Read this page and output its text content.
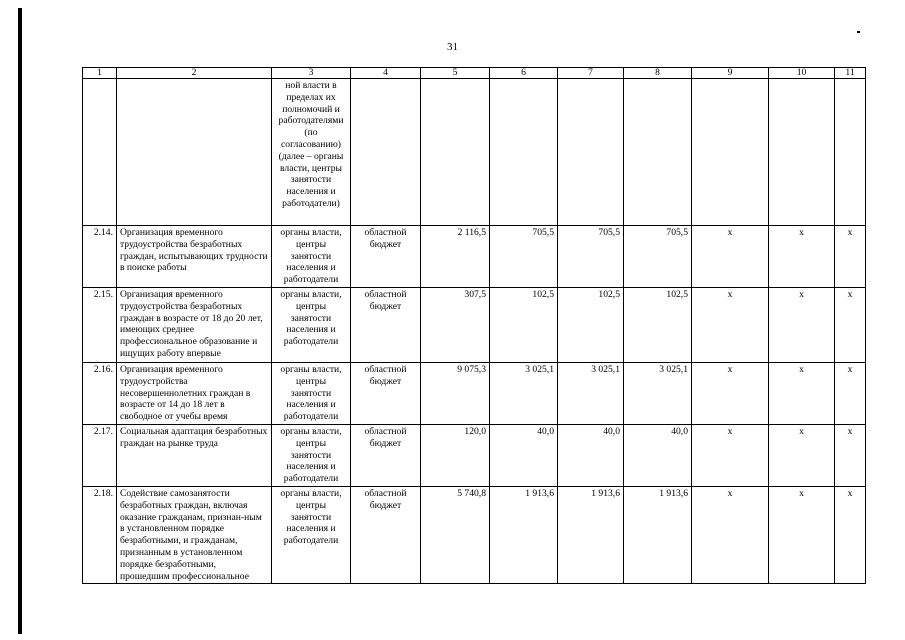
31
1	2	3	4	5	6	7	8	9	10	11
		ной власти в пределах их полномочий и работодателями (по согласованию) (далее – органы власти, центры занятости населения и работодатели)								
2.14.	Организация временного трудоустройства безработных граждан, испытывающих трудности в поиске работы	органы власти, центры занятости населения и работодатели	областной бюджет	2 116,5	705,5	705,5	705,5	х	х	х
2.15.	Организация временного трудоустройства безработных граждан в возрасте от 18 до 20 лет, имеющих среднее профессиональное образование и ищущих работу впервые	органы власти, центры занятости населения и работодатели	областной бюджет	307,5	102,5	102,5	102,5	х	х	х
2.16.	Организация временного трудоустройства несовершеннолетних граждан в возрасте от 14 до 18 лет в свободное от учебы время	органы власти, центры занятости населения и работодатели	областной бюджет	9 075,3	3 025,1	3 025,1	3 025,1	х	х	х
2.17.	Социальная адаптация безработных граждан на рынке труда	органы власти, центры занятости населения и работодатели	областной бюджет	120,0	40,0	40,0	40,0	х	х	х
2.18.	Содействие самозанятости безработных граждан, включая оказание гражданам, признан-ным в установленном порядке безработными, и гражданам, признанным в установленном порядке безработными, прошедшим профессиональное	органы власти, центры занятости населения и работодатели	областной бюджет	5 740,8	1 913,6	1 913,6	1 913,6	х	х	х
